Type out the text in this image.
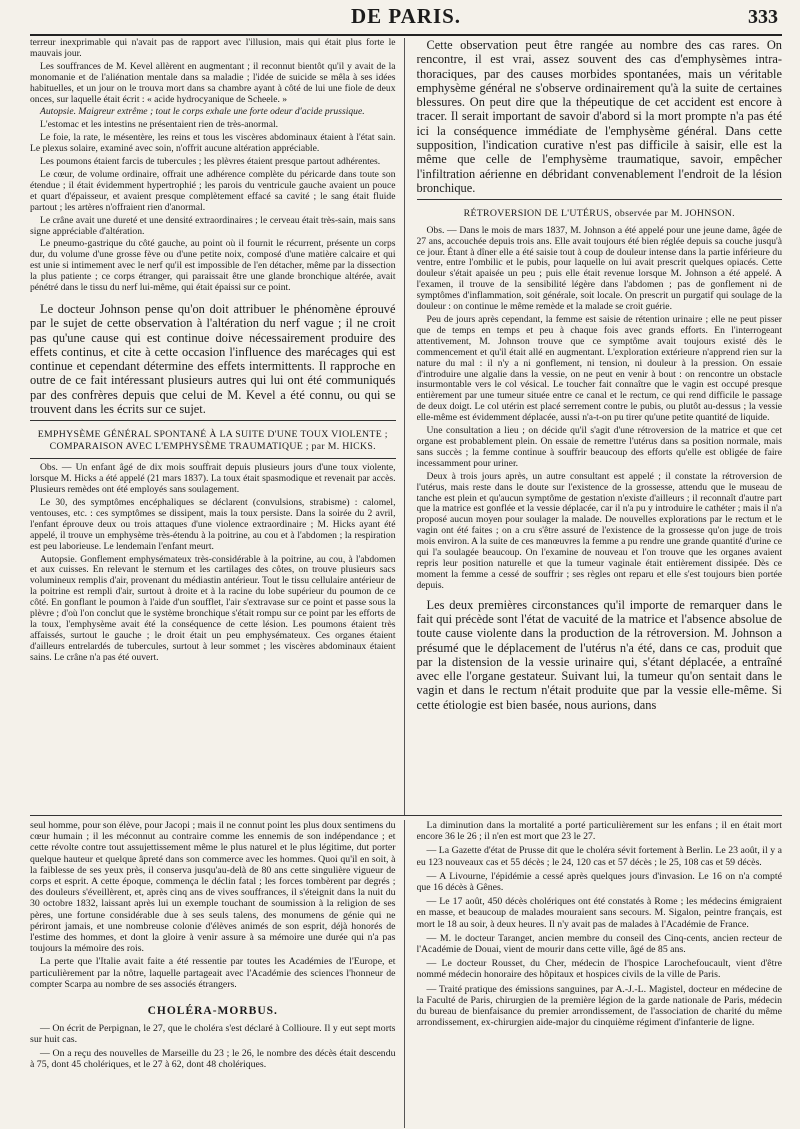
DE PARIS.	333

terreur inexprimable qui n'avait pas de rapport avec l'illusion, mais qui était plus forte le mauvais jour.

Les souffrances de M. Kevel allèrent en augmentant ; il reconnut bientôt qu'il y avait de la monomanie et de l'aliénation mentale dans sa maladie ; l'idée de suicide se mêla à ses idées habituelles, et un jour on le trouva mort dans sa chambre ayant à côté de lui une fiole de deux onces, sur laquelle était écrit : « acide hydrocyanique de Scheele. »

Autopsie. Maigreur extrême ; tout le corps exhale une forte odeur d'acide prussique.

L'estomac et les intestins ne présentaient rien de très-anormal.

Le foie, la rate, le mésentère, les reins et tous les viscères abdominaux étaient à l'état sain. Le plexus solaire, examiné avec soin, n'offrit aucune altération appréciable.

Les poumons étaient farcis de tubercules ; les plèvres étaient presque partout adhérentes.

Le cœur, de volume ordinaire, offrait une adhérence complète du péricarde dans toute son étendue ; il était évidemment hypertrophié ; les parois du ventricule gauche avaient un pouce et quart d'épaisseur, et avaient presque complètement effacé sa cavité ; le sang était fluide partout ; les artères n'offraient rien d'anormal.

Le crâne avait une dureté et une densité extraordinaires ; le cerveau était très-sain, mais sans signe appréciable d'altération.

Le pneumo-gastrique du côté gauche, au point où il fournit le récurrent, présente un corps dur, du volume d'une grosse fève ou d'une petite noix, composé d'une matière calcaire et qui est unie si intimement avec le nerf qu'il est impossible de l'en détacher, même par la dissection la plus patiente ; ce corps étranger, qui paraissait être une glande bronchique altérée, avait pénétré dans le tissu du nerf lui-même, qui était épaissi sur ce point.

Le docteur Johnson pense qu'on doit attribuer le phénomène éprouvé par le sujet de cette observation à l'altération du nerf vague ; il ne croit pas qu'une cause qui est continue doive nécessairement produire des effets continus, et cite à cette occasion l'influence des marécages qui est continue et cependant détermine des effets intermittents. Il rapproche en outre de ce fait intéressant plusieurs autres qui lui ont été communiqués par des confrères depuis que celui de M. Kevel a été connu, ou qui se trouvent dans les écrits sur ce sujet.

EMPHYSÈME GÉNÉRAL SPONTANÉ À LA SUITE D'UNE TOUX VIOLENTE ; COMPARAISON AVEC L'EMPHYSÈME TRAUMATIQUE ; par M. HICKS.

Obs. — Un enfant âgé de dix mois souffrait depuis plusieurs jours d'une toux violente, lorsque M. Hicks a été appelé (21 mars 1837). La toux était spasmodique et revenait par accès. Plusieurs remèdes ont été employés sans soulagement.

Le 30, des symptômes encéphaliques se déclarent (convulsions, strabisme) : calomel, ventouses, etc. : ces symptômes se dissipent, mais la toux persiste. Dans la soirée du 2 avril, l'enfant éprouve deux ou trois attaques d'une violence extraordinaire ; M. Hicks ayant été appelé, il trouve un emphysème très-étendu à la poitrine, au cou et à l'abdomen ; la respiration est peu laborieuse. Le lendemain l'enfant meurt.

Autopsie. Gonflement emphysémateux très-considérable à la poitrine, au cou, à l'abdomen et aux cuisses. En relevant le sternum et les cartilages des côtes, on trouve plusieurs sacs volumineux remplis d'air, provenant du médiastin antérieur. Tout le tissu cellulaire antérieur de la poitrine est rempli d'air, surtout à droite et à la racine du lobe supérieur du poumon de ce côté. En gonflant le poumon à l'aide d'un soufflet, l'air s'extravase sur ce point et passe sous la plèvre ; d'où l'on conclut que le système bronchique s'était rompu sur ce point par les efforts de la toux, l'emphysème avait été la conséquence de cette lésion. Les poumons étaient très affaissés, surtout le gauche ; le droit était un peu emphysémateux. Ces organes étaient d'ailleurs entrelardés de tubercules, surtout à leur sommet ; les viscères abdominaux étaient sains. Le crâne n'a pas été ouvert.

Cette observation peut être rangée au nombre des cas rares. On rencontre, il est vrai, assez souvent des cas d'emphysèmes intra-thoraciques, par des causes morbides spontanées, mais un véritable emphysème général ne s'observe ordinairement qu'à la suite de certaines blessures. On peut dire que la thépeutique de cet accident est encore à tracer. Il serait important de savoir d'abord si la mort prompte n'a pas été ici la conséquence immédiate de l'emphysème général. Dans cette supposition, l'indication curative n'est pas difficile à saisir, elle est la même que celle de l'emphysème traumatique, savoir, empêcher l'infiltration aérienne en débridant convenablement l'endroit de la lésion bronchique.

RÉTROVERSION DE L'UTÉRUS, observée par M. JOHNSON.

Obs. — Dans le mois de mars 1837, M. Johnson a été appelé pour une jeune dame, âgée de 27 ans, accouchée depuis trois ans. Elle avait toujours été bien réglée depuis sa couche jusqu'à ce jour. Étant à dîner elle a été saisie tout à coup de douleur intense dans la partie inférieure du ventre, entre l'ombilic et le pubis, pour laquelle on lui avait prescrit quelques opiacés. Cette douleur s'était apaisée un peu ; puis elle était revenue lorsque M. Johnson a été appelé. A l'examen, il trouve de la sensibilité légère dans l'abdomen ; pas de gonflement ni de symptômes d'inflammation, soit générale, soit locale. On prescrit un purgatif qui soulage de la douleur : on continue le même remède et la malade se croit guérie.

Peu de jours après cependant, la femme est saisie de rétention urinaire ; elle ne peut pisser que de temps en temps et peu à chaque fois avec grands efforts. En l'interrogeant attentivement, M. Johnson trouve que ce symptôme avait toujours existé dès le commencement et qu'il était allé en augmentant. L'exploration extérieure n'apprend rien sur la nature du mal : il n'y a ni gonflement, ni tension, ni douleur à la pression. On essaie d'introduire une algalie dans la vessie, on ne peut en venir à bout : on rencontre un obstacle insurmontable vers le col vésical. Le toucher fait connaître que le vagin est occupé presque entièrement par une tumeur située entre ce canal et le rectum, ce qui rend difficile le passage de deux doigt. Le col utérin est placé serrement contre le pubis, ou plutôt au-dessus ; la vessie elle-même est évidemment déplacée, aussi n'a-t-on pu tirer qu'une petite quantité de liquide.

Une consultation a lieu ; on décide qu'il s'agit d'une rétroversion de la matrice et que cet organe est probablement plein. On essaie de remettre l'utérus dans sa position normale, mais sans succès ; la femme continue à souffrir beaucoup des efforts qu'elle est obligée de faire incessamment pour uriner.

Deux à trois jours après, un autre consultant est appelé ; il constate la rétroversion de l'utérus, mais reste dans le doute sur l'existence de la grossesse, attendu que le museau de tanche est plein et qu'aucun symptôme de gestation n'existe d'ailleurs ; il reconnaît d'autre part que la matrice est gonflée et la vessie déplacée, car il n'a pu y introduire le cathéter ; mais il n'a proposé aucun moyen pour soulager la malade. De nouvelles explorations par le rectum et le vagin ont été faites ; on a cru s'être assuré de l'existence de la grossesse qu'on juge de trois mois environ. A la suite de ces manœuvres la femme a pu rendre une grande quantité d'urine ce qui l'a soulagée beaucoup. On l'examine de nouveau et l'on trouve que les organes avaient repris leur position naturelle et que la tumeur vaginale était entièrement dissipée. Dès ce moment la femme a cessé de souffrir ; ses règles ont reparu et elle s'est toujours bien portée depuis.

Les deux premières circonstances qu'il importe de remarquer dans le fait qui précède sont l'état de vacuité de la matrice et l'absence absolue de toute cause violente dans la production de la rétroversion. M. Johnson a présumé que le déplacement de l'utérus n'a été, dans ce cas, produit que par la distension de la vessie urinaire qui, s'étant déplacée, a entraîné avec elle l'organe gestateur. Suivant lui, la tumeur qu'on sentait dans le vagin et dans le rectum n'était produite que par la vessie elle-même. Si cette étiologie est bien basée, nous aurions, dans

seul homme, pour son élève, pour Jacopi ; mais il ne connut point les plus doux sentimens du cœur humain ; il les méconnut au contraire comme les ennemis de son indépendance ; et cette révolte contre tout assujettissement même le plus naturel et le plus légitime, dut porter quelque hauteur et quelque âpreté dans son commerce avec les hommes. Quoi qu'il en soit, à la faiblesse de ses yeux près, il conserva jusqu'au-delà de 80 ans cette singulière vigueur de corps et esprit. A cette époque, commença le déclin fatal ; les forces tombèrent par degrés ; des douleurs s'éveillèrent, et, après cinq ans de vives souffrances, il s'éteignit dans la nuit du 30 octobre 1832, laissant après lui un exemple touchant de soumission à la religion de ses pères, une fortune considérable due à ses seuls talens, des monumens de génie qui ne périront jamais, et une nombreuse colonie d'élèves animés de son esprit, déjà honorés de l'estime des hommes, et dont la gloire à venir assure à sa mémoire une durée qui n'a pas toujours la mémoire des rois.

La perte que l'Italie avait faite a été ressentie par toutes les Académies de l'Europe, et particulièrement par la nôtre, laquelle partageait avec l'Académie des sciences l'honneur de compter Scarpa au nombre de ses associés étrangers.

CHOLÉRA-MORBUS.

— On écrit de Perpignan, le 27, que le choléra s'est déclaré à Collioure. Il y eut sept morts sur huit cas.

— On a reçu des nouvelles de Marseille du 23 ; le 26, le nombre des décès était descendu à 75, dont 45 cholériques, et le 27 à 62, dont 48 cholériques.

La diminution dans la mortalité a porté particulièrement sur les enfans ; il en était mort encore 36 le 26 ; il n'en est mort que 23 le 27.

— La Gazette d'état de Prusse dit que le choléra sévit fortement à Berlin. Le 23 août, il y a eu 123 nouveaux cas et 55 décès ; le 24, 120 cas et 57 décès ; le 25, 108 cas et 59 décès.

— A Livourne, l'épidémie a cessé après quelques jours d'invasion. Le 16 on n'a compté que 16 décès à Gênes.

— Le 17 août, 450 décès cholériques ont été constatés à Rome ; les médecins émigraient en masse, et beaucoup de malades mouraient sans secours. M. Sigalon, peintre français, est mort le 18 au soir, à deux heures. Il n'y avait pas de malades à l'Académie de France.

— M. le docteur Taranget, ancien membre du conseil des Cinq-cents, ancien recteur de l'Académie de Douai, vient de mourir dans cette ville, âgé de 85 ans.

— Le docteur Rousset, du Cher, médecin de l'hospice Larochefoucault, vient d'être nommé médecin honoraire des hôpitaux et hospices civils de la ville de Paris.

— Traité pratique des émissions sanguines, par A.-J.-L. Magistel, docteur en médecine de la Faculté de Paris, chirurgien de la première légion de la garde nationale de Paris, médecin du bureau de bienfaisance du premier arrondissement, de l'association de charité du même arrondissement, ex-chirurgien aide-major du cinquième régiment d'infanterie de ligne.
